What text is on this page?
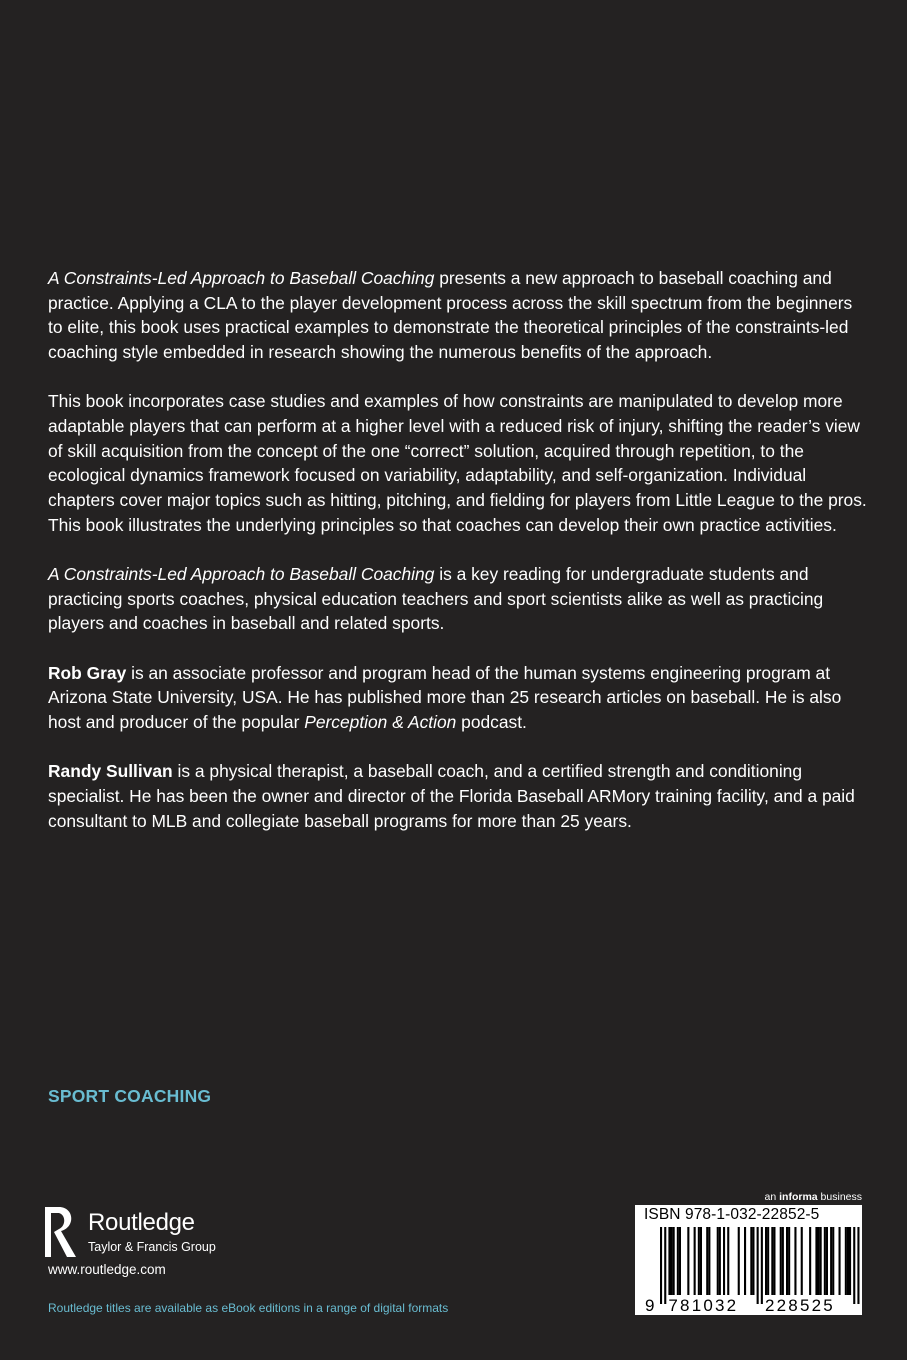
A Constraints-Led Approach to Baseball Coaching presents a new approach to baseball coaching and practice. Applying a CLA to the player development process across the skill spectrum from the beginners to elite, this book uses practical examples to demonstrate the theoretical principles of the constraints-led coaching style embedded in research showing the numerous benefits of the approach.

This book incorporates case studies and examples of how constraints are manipulated to develop more adaptable players that can perform at a higher level with a reduced risk of injury, shifting the reader’s view of skill acquisition from the concept of the one “correct” solution, acquired through repetition, to the ecological dynamics framework focused on variability, adaptability, and self-organization. Individual chapters cover major topics such as hitting, pitching, and fielding for players from Little League to the pros. This book illustrates the underlying principles so that coaches can develop their own practice activities.

A Constraints-Led Approach to Baseball Coaching is a key reading for undergraduate students and practicing sports coaches, physical education teachers and sport scientists alike as well as practicing players and coaches in baseball and related sports.

Rob Gray is an associate professor and program head of the human systems engineering program at Arizona State University, USA. He has published more than 25 research articles on baseball. He is also host and producer of the popular Perception & Action podcast.

Randy Sullivan is a physical therapist, a baseball coach, and a certified strength and conditioning specialist. He has been the owner and director of the Florida Baseball ARMory training facility, and a paid consultant to MLB and collegiate baseball programs for more than 25 years.

SPORT COACHING
Routledge
Taylor & Francis Group
www.routledge.com
Routledge titles are available as eBook editions in a range of digital formats
an informa business
ISBN 978-1-032-22852-5
9 781032 228525
